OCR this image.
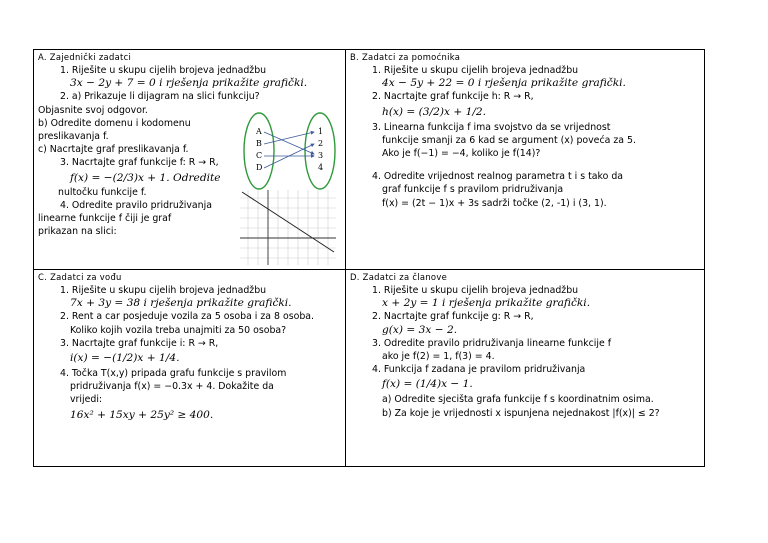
A. Zajednički zadatci
1. Riješite u skupu cijelih brojeva jednadžbu
3x − 2y + 7 = 0 i rješenja prikažite grafički.
2. a) Prikazuje li dijagram na slici funkciju?
Objasnite svoj odgovor.
b) Odredite domenu i kodomenu
preslikavanja f.
c) Nacrtajte graf preslikavanja f.
3. Nacrtajte graf funkcije f: R → R,
f(x) = −(2/3)x + 1. Odredite
nultočku funkcije f.
4. Odredite pravilo pridruživanja
linearne funkcije f čiji je graf
prikazan na slici:
A
B
C
D
1
2
3
4
B. Zadatci za pomoćnika
1. Riješite u skupu cijelih brojeva jednadžbu
4x − 5y + 22 = 0 i rješenja prikažite grafički.
2. Nacrtajte graf funkcije h: R → R,
h(x) = (3/2)x + 1/2.
3. Linearna funkcija f ima svojstvo da se vrijednost
funkcije smanji za 6 kad se argument (x) poveća za 5.
Ako je f(−1) = −4, koliko je f(14)?
4. Odredite vrijednost realnog parametra t i s tako da
graf funkcije f s pravilom pridruživanja
f(x) = (2t − 1)x + 3s sadrži točke (2, -1) i (3, 1).
C. Zadatci za vođu
1. Riješite u skupu cijelih brojeva jednadžbu
7x + 3y = 38 i rješenja prikažite grafički.
2. Rent a car posjeduje vozila za 5 osoba i za 8 osoba.
Koliko kojih vozila treba unajmiti za 50 osoba?
3. Nacrtajte graf funkcije i: R → R,
i(x) = −(1/2)x + 1/4.
4. Točka T(x,y) pripada grafu funkcije s pravilom
pridruživanja f(x) = −0.3x + 4. Dokažite da
vrijedi:
16x² + 15xy + 25y² ≥ 400.
D. Zadatci za članove
1. Riješite u skupu cijelih brojeva jednadžbu
x + 2y = 1 i rješenja prikažite grafički.
2. Nacrtajte graf funkcije g: R → R,
g(x) = 3x − 2.
3. Odredite pravilo pridruživanja linearne funkcije f
ako je f(2) = 1, f(3) = 4.
4. Funkcija f zadana je pravilom pridruživanja
f(x) = (1/4)x − 1.
a) Odredite sjecišta grafa funkcije f s koordinatnim osima.
b) Za koje je vrijednosti x ispunjena nejednakost |f(x)| ≤ 2?
